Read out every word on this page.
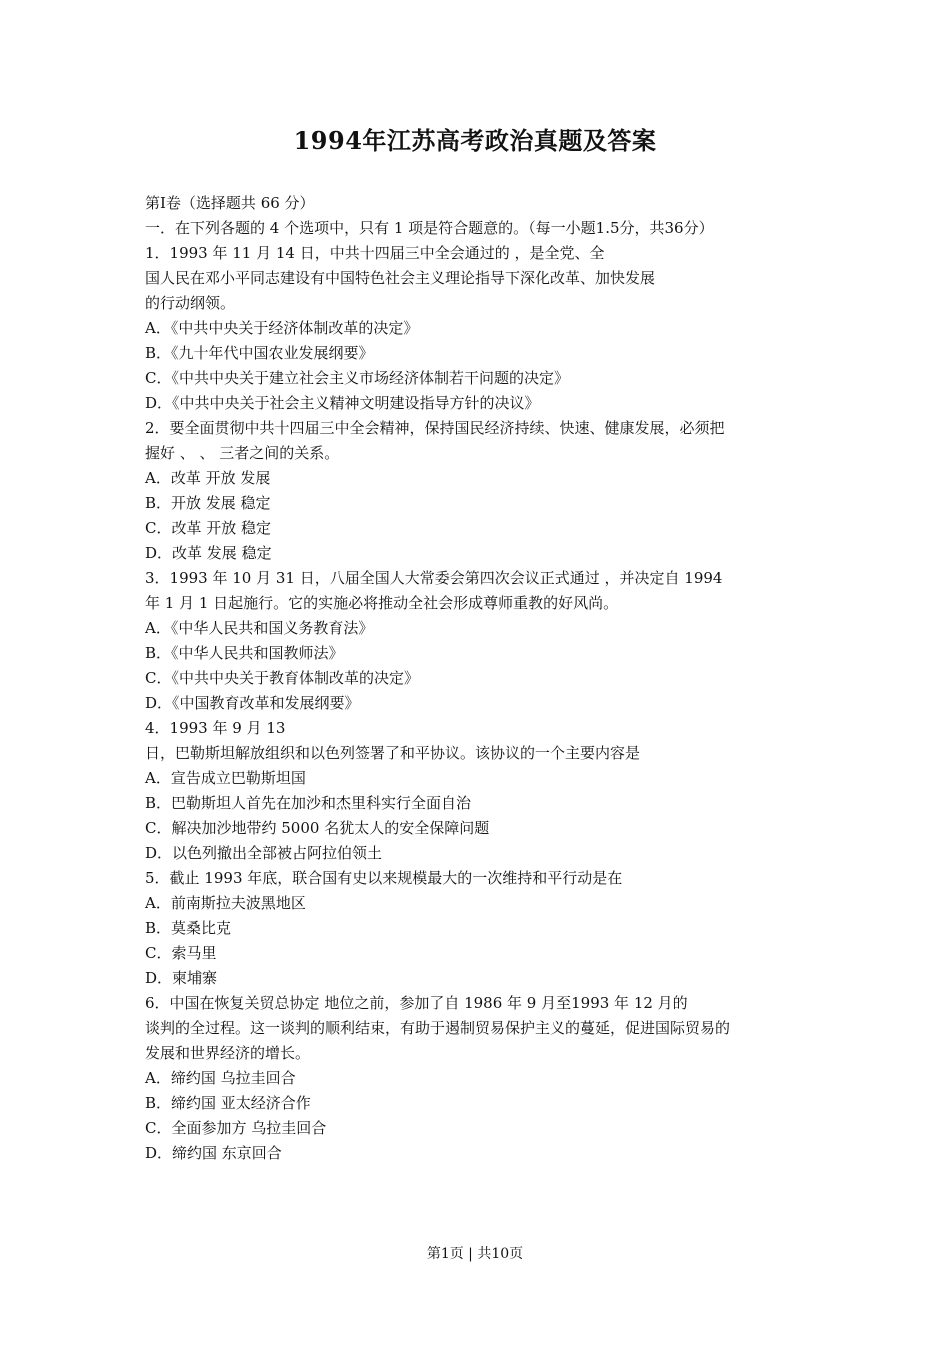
1994年江苏高考政治真题及答案
第Ⅰ卷（选择题共 66 分）
一．在下列各题的 4 个选项中，只有 1 项是符合题意的。（每一小题1.5分，共36分）
1．1993 年 11 月 14 日，中共十四届三中全会通过的 ，是全党、全
国人民在邓小平同志建设有中国特色社会主义理论指导下深化改革、加快发展
的行动纲领。
A．《中共中央关于经济体制改革的决定》
B．《九十年代中国农业发展纲要》
C．《中共中央关于建立社会主义市场经济体制若干问题的决定》
D．《中共中央关于社会主义精神文明建设指导方针的决议》
2．要全面贯彻中共十四届三中全会精神，保持国民经济持续、快速、健康发展，必须把
握好 、 、 三者之间的关系。
A．改革 开放 发展
B．开放 发展 稳定
C．改革 开放 稳定
D．改革 发展 稳定
3．1993 年 10 月 31 日，八届全国人大常委会第四次会议正式通过 ，并决定自 1994
年 1 月 1 日起施行。它的实施必将推动全社会形成尊师重教的好风尚。
A．《中华人民共和国义务教育法》
B．《中华人民共和国教师法》
C．《中共中央关于教育体制改革的决定》
D．《中国教育改革和发展纲要》
4．1993 年 9 月 13
日，巴勒斯坦解放组织和以色列签署了和平协议。该协议的一个主要内容是
A．宣告成立巴勒斯坦国
B．巴勒斯坦人首先在加沙和杰里科实行全面自治
C．解决加沙地带约 5000 名犹太人的安全保障问题
D．以色列撤出全部被占阿拉伯领土
5．截止 1993 年底，联合国有史以来规模最大的一次维持和平行动是在
A．前南斯拉夫波黑地区
B．莫桑比克
C．索马里
D．柬埔寨
6．中国在恢复关贸总协定 地位之前，参加了自 1986 年 9 月至1993 年 12 月的
谈判的全过程。这一谈判的顺利结束，有助于遏制贸易保护主义的蔓延，促进国际贸易的
发展和世界经济的增长。
A．缔约国 乌拉圭回合
B．缔约国 亚太经济合作
C．全面参加方 乌拉圭回合
D．缔约国 东京回合
第1页 | 共10页
